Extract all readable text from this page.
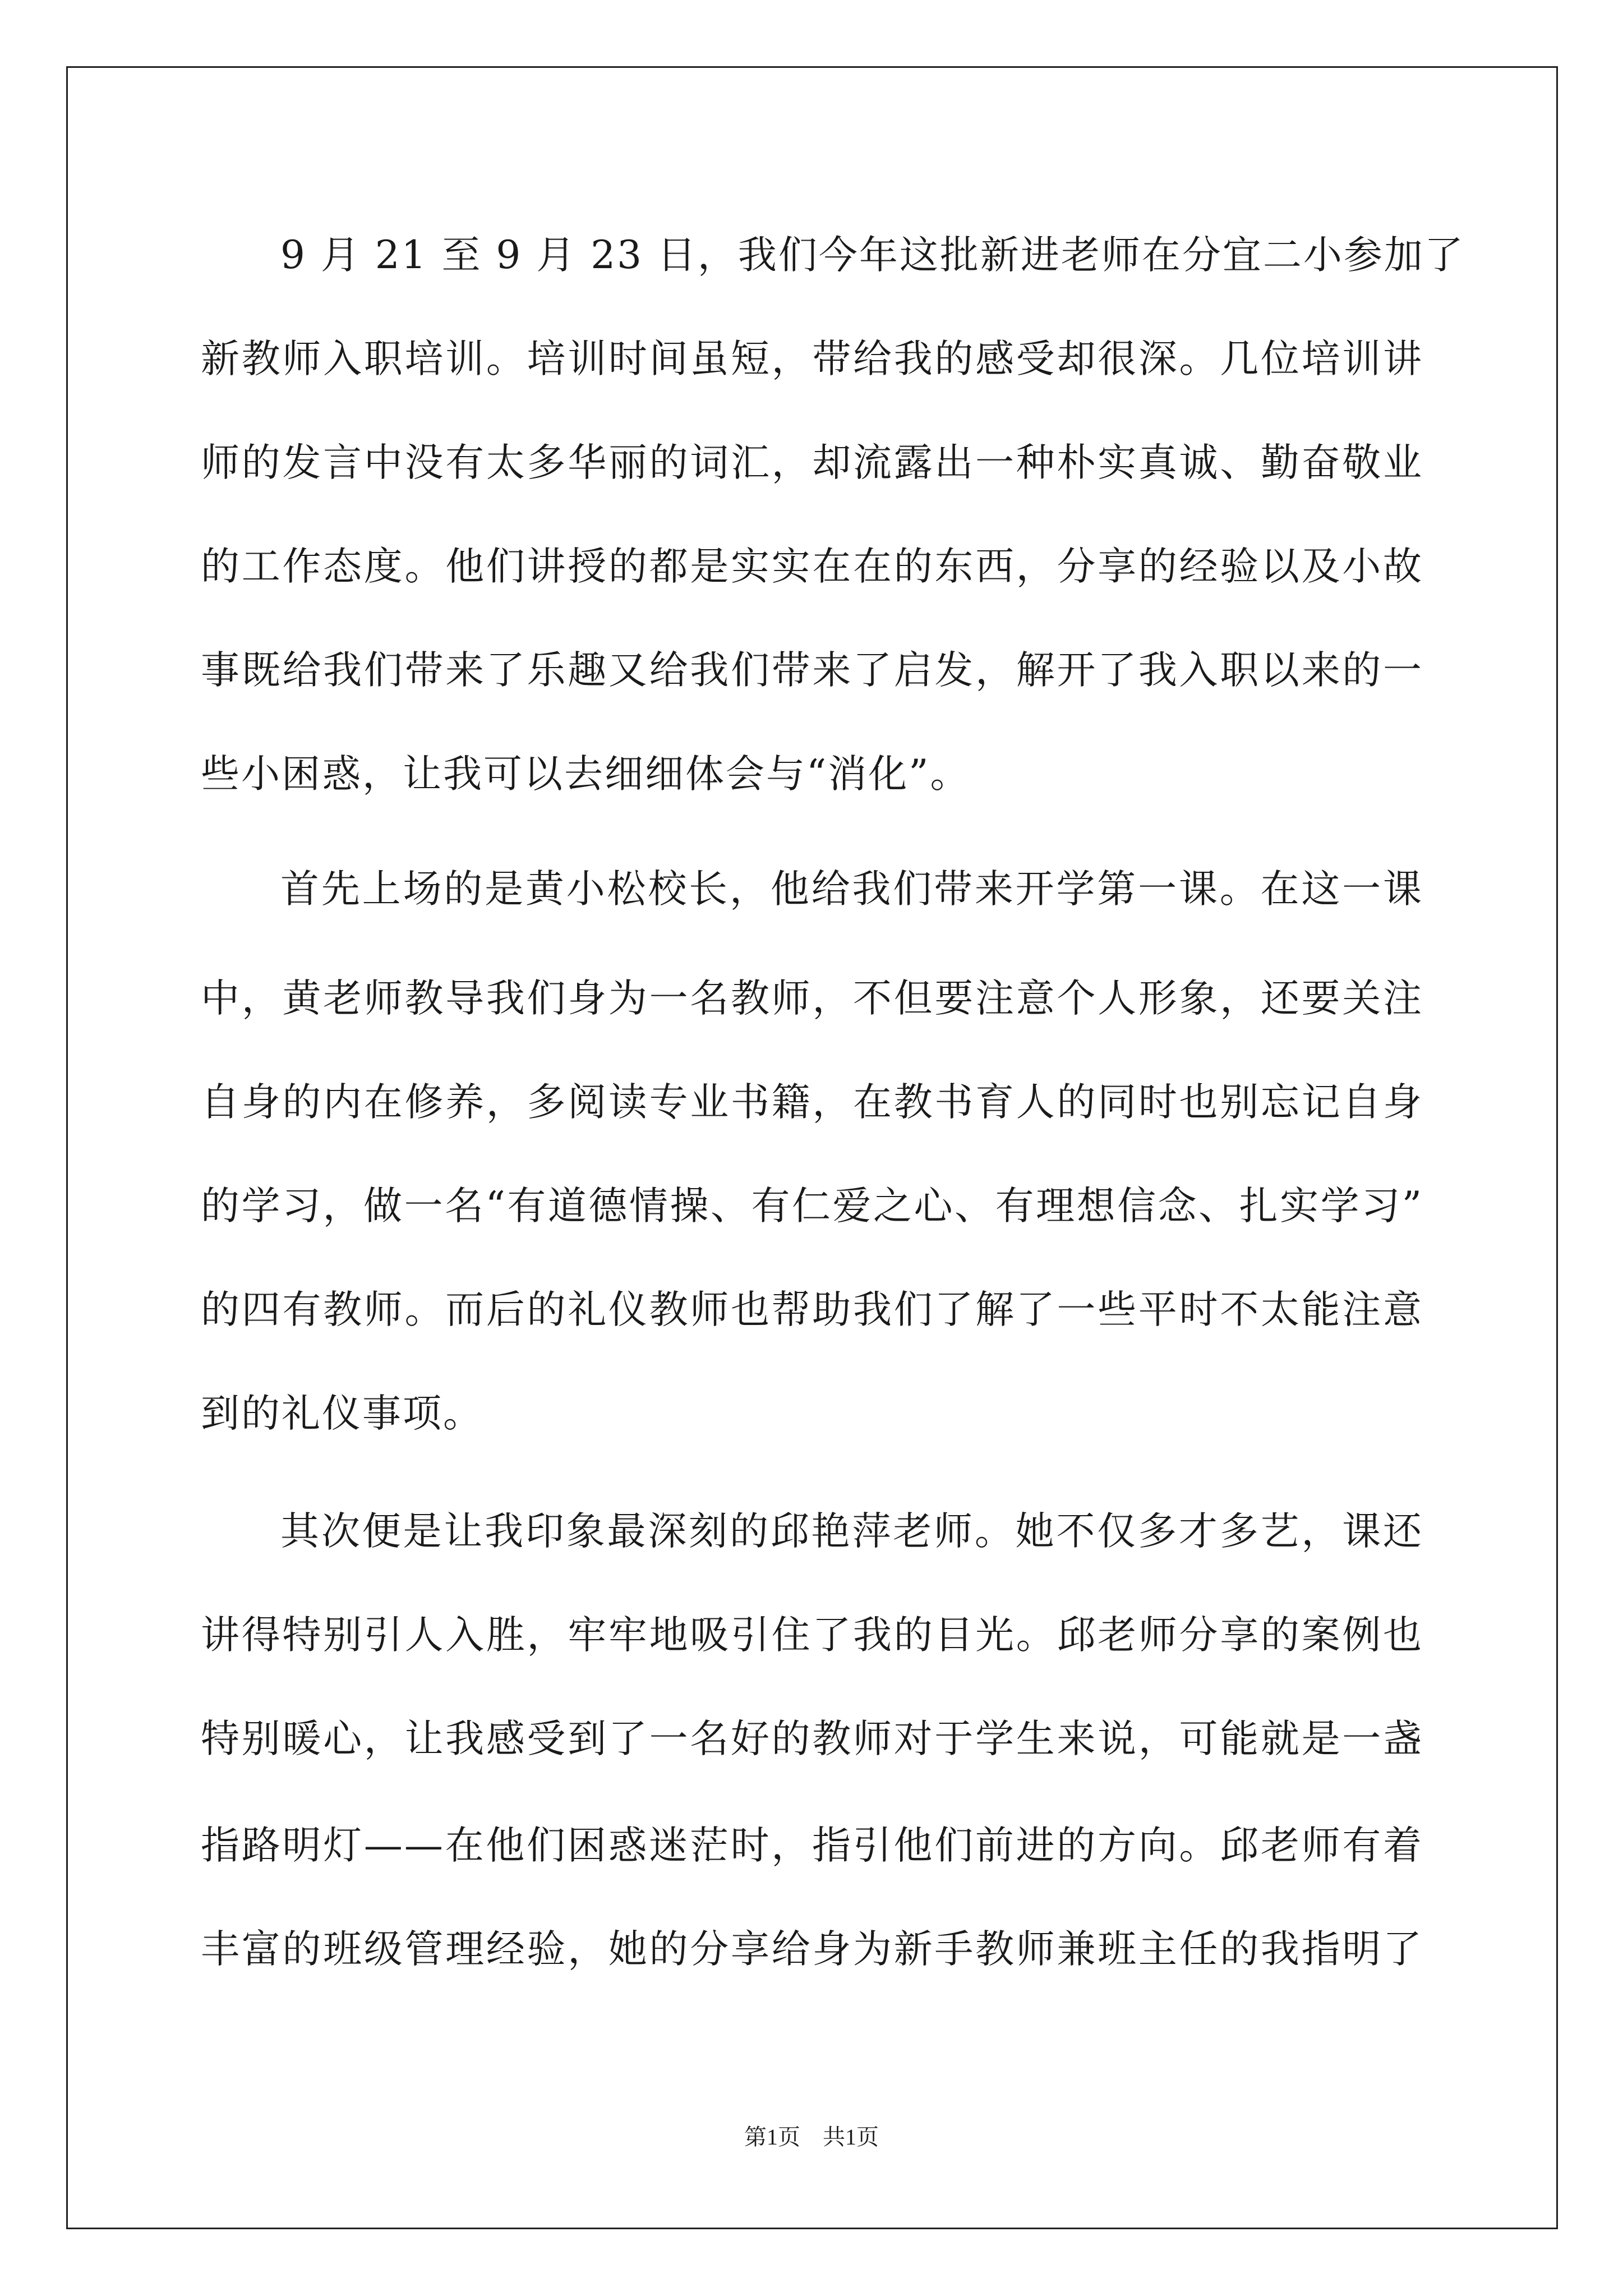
9 月 21 至 9 月 23 日，我们今年这批新进老师在分宜二小参加了
新教师入职培训。培训时间虽短，带给我的感受却很深。几位培训讲
师的发言中没有太多华丽的词汇，却流露出一种朴实真诚、勤奋敬业
的工作态度。他们讲授的都是实实在在的东西，分享的经验以及小故
事既给我们带来了乐趣又给我们带来了启发，解开了我入职以来的一
些小困惑，让我可以去细细体会与“消化”。
首先上场的是黄小松校长，他给我们带来开学第一课。在这一课
中，黄老师教导我们身为一名教师，不但要注意个人形象，还要关注
自身的内在修养，多阅读专业书籍，在教书育人的同时也别忘记自身
的学习，做一名“有道德情操、有仁爱之心、有理想信念、扎实学习”
的四有教师。而后的礼仪教师也帮助我们了解了一些平时不太能注意
到的礼仪事项。
其次便是让我印象最深刻的邱艳萍老师。她不仅多才多艺，课还
讲得特别引人入胜，牢牢地吸引住了我的目光。邱老师分享的案例也
特别暖心，让我感受到了一名好的教师对于学生来说，可能就是一盏
指路明灯——在他们困惑迷茫时，指引他们前进的方向。邱老师有着
丰富的班级管理经验，她的分享给身为新手教师兼班主任的我指明了
第1页 共1页
